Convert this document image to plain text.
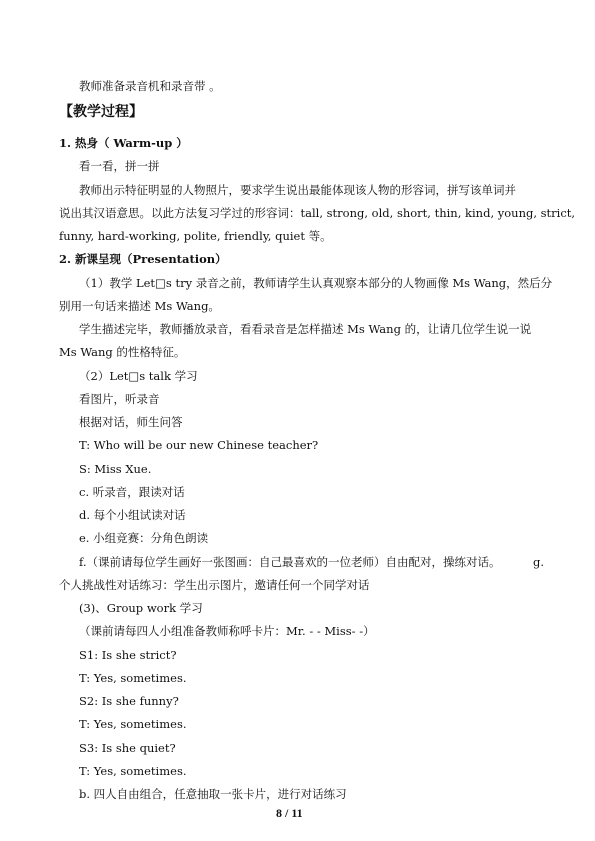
教师准备录音机和录音带 。
【教学过程】
1. 热身（ Warm-up ）
看一看，拼一拼
教师出示特征明显的人物照片，要求学生说出最能体现该人物的形容词，拼写该单词并
说出其汉语意思。以此方法复习学过的形容词：tall, strong, old, short, thin, kind, young, strict,
funny, hard-working, polite, friendly, quiet 等。
2. 新课呈现（Presentation）
（1）教学 Let□s try 录音之前，教师请学生认真观察本部分的人物画像 Ms Wang，然后分
别用一句话来描述 Ms Wang。
学生描述完毕，教师播放录音，看看录音是怎样描述 Ms Wang 的，让请几位学生说一说
Ms Wang 的性格特征。
（2）Let□s talk 学习
看图片，听录音
根据对话，师生问答
T: Who will be our new Chinese teacher?
S: Miss Xue.
c. 听录音，跟读对话
d. 每个小组试读对话
e. 小组竞赛：分角色朗读
f.（课前请每位学生画好一张图画：自己最喜欢的一位老师）自由配对，操练对话。	g.
个人挑战性对话练习：学生出示图片，邀请任何一个同学对话
(3)、Group work 学习
（课前请每四人小组准备教师称呼卡片：Mr. - - Miss- -）
S1: Is she strict?
T: Yes, sometimes.
S2: Is she funny?
T: Yes, sometimes.
S3: Is she quiet?
T: Yes, sometimes.
b. 四人自由组合，任意抽取一张卡片，进行对话练习
8 / 11
